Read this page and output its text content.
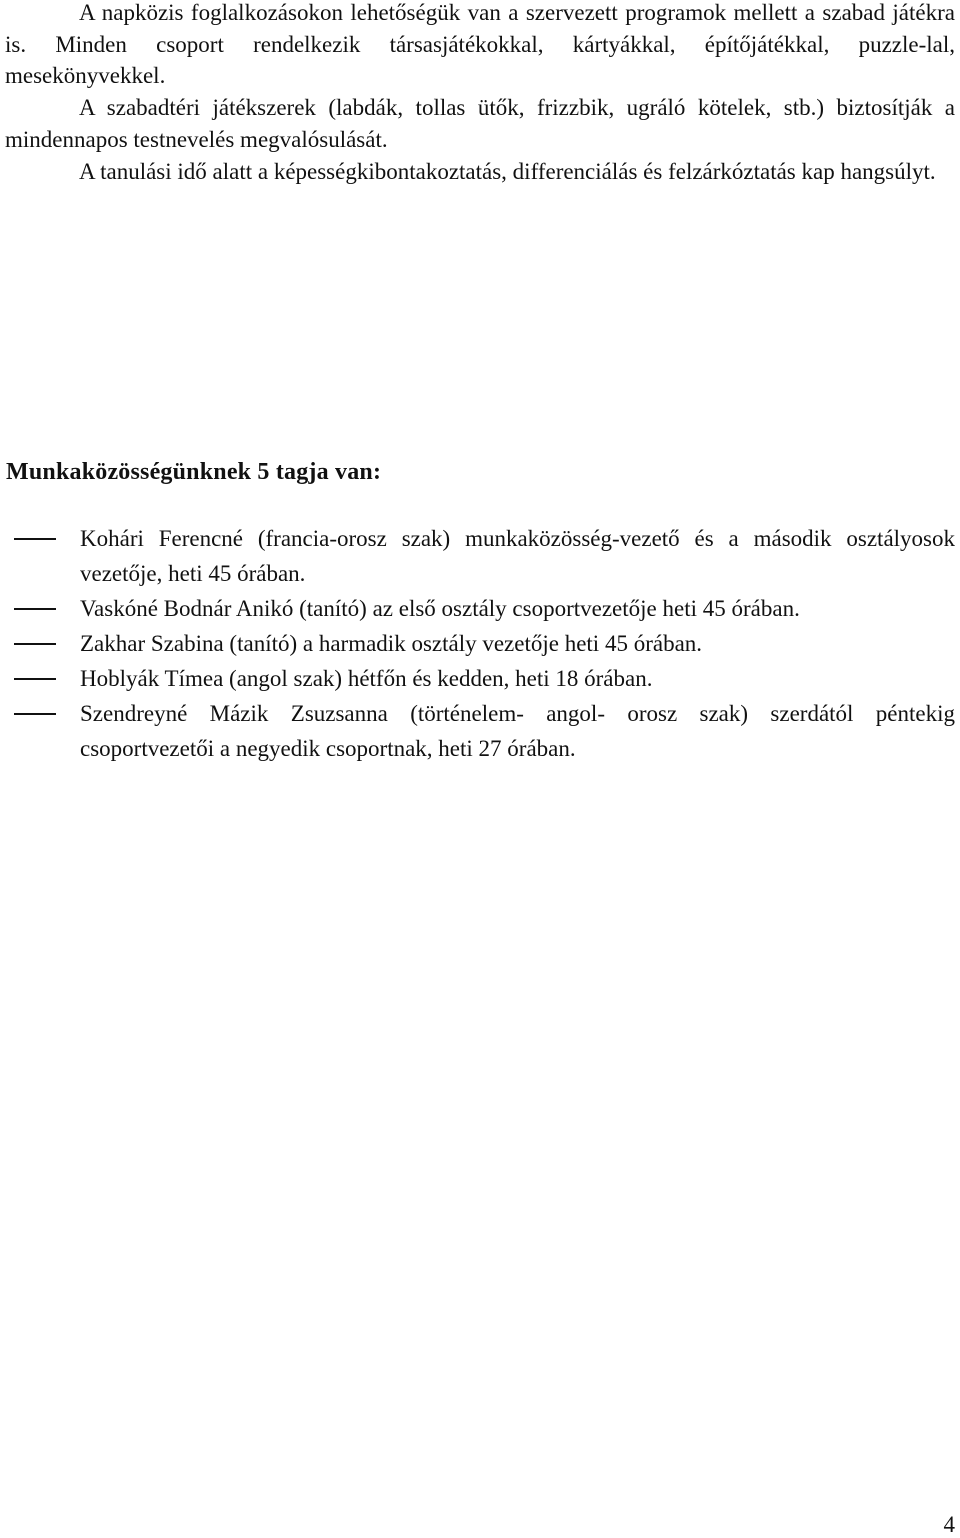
A napközis foglalkozásokon lehetőségük van a szervezett programok mellett a szabad játékra is. Minden csoport rendelkezik társasjátékokkal, kártyákkal, építőjátékkal, puzzle-lal, mesekönyvekkel.

A szabadtéri játékszerek (labdák, tollas ütők, frizzbik, ugráló kötelek, stb.) biztosítják a mindennapos testnevelés megvalósulását.

A tanulási idő alatt a képességkibontakoztatás, differenciálás és felzárkóztatás kap hangsúlyt.

Munkaközösségünknek 5 tagja van:
Kohári Ferencné (francia-orosz szak) munkaközösség-vezető és a második osztályosok vezetője, heti 45 órában.
Vaskóné Bodnár Anikó (tanító) az első osztály csoportvezetője heti 45 órában.
Zakhar Szabina (tanító) a harmadik osztály vezetője heti 45 órában.
Hoblyák Tímea (angol szak) hétfőn és kedden, heti 18 órában.
Szendreyné Mázik Zsuzsanna (történelem- angol- orosz szak) szerdától péntekig csoportvezetői a negyedik csoportnak, heti 27 órában.
4
